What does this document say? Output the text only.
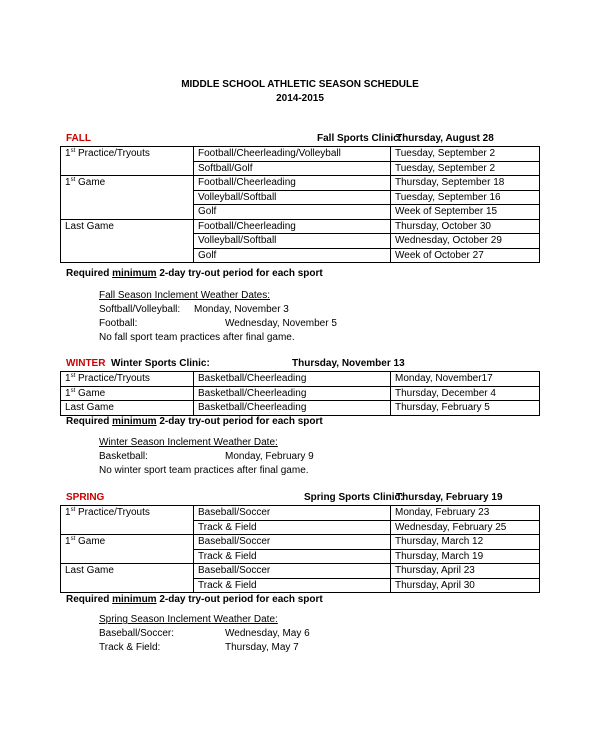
MIDDLE SCHOOL ATHLETIC SEASON SCHEDULE
2014-2015
FALL	Fall Sports Clinic:
Thursday, August 28
1st Practice/Tryouts	Football/Cheerleading/Volleyball	Tuesday, September 2
	Softball/Golf	Tuesday, September 2
1st Game	Football/Cheerleading	Thursday, September 18
	Volleyball/Softball	Tuesday, September 16
	Golf	Week of September 15
Last Game	Football/Cheerleading	Thursday, October 30
	Volleyball/Softball	Wednesday, October 29
	Golf	Week of October 27
Required minimum 2-day try-out period for each sport
Fall Season Inclement Weather Dates:
Softball/Volleyball: Monday, November 3
Football:	Wednesday, November 5
No fall sport team practices after final game.
WINTER Winter Sports Clinic:	Thursday, November 13
1st Practice/Tryouts	Basketball/Cheerleading	Monday, November17
1st Game	Basketball/Cheerleading	Thursday, December 4
Last Game	Basketball/Cheerleading	Thursday, February 5
Required minimum 2-day try-out period for each sport
Winter Season Inclement Weather Date:
Basketball:	Monday, February 9
No winter sport team practices after final game.
SPRING	Spring Sports Clinic:
Thursday, February 19
1st Practice/Tryouts	Baseball/Soccer	Monday, February 23
	Track & Field	Wednesday, February 25
1st Game	Baseball/Soccer	Thursday, March 12
	Track & Field	Thursday, March 19
Last Game	Baseball/Soccer	Thursday, April 23
	Track & Field	Thursday, April 30
Required minimum 2-day try-out period for each sport
Spring Season Inclement Weather Date:
Baseball/Soccer:	Wednesday, May 6
Track & Field:	Thursday, May 7
